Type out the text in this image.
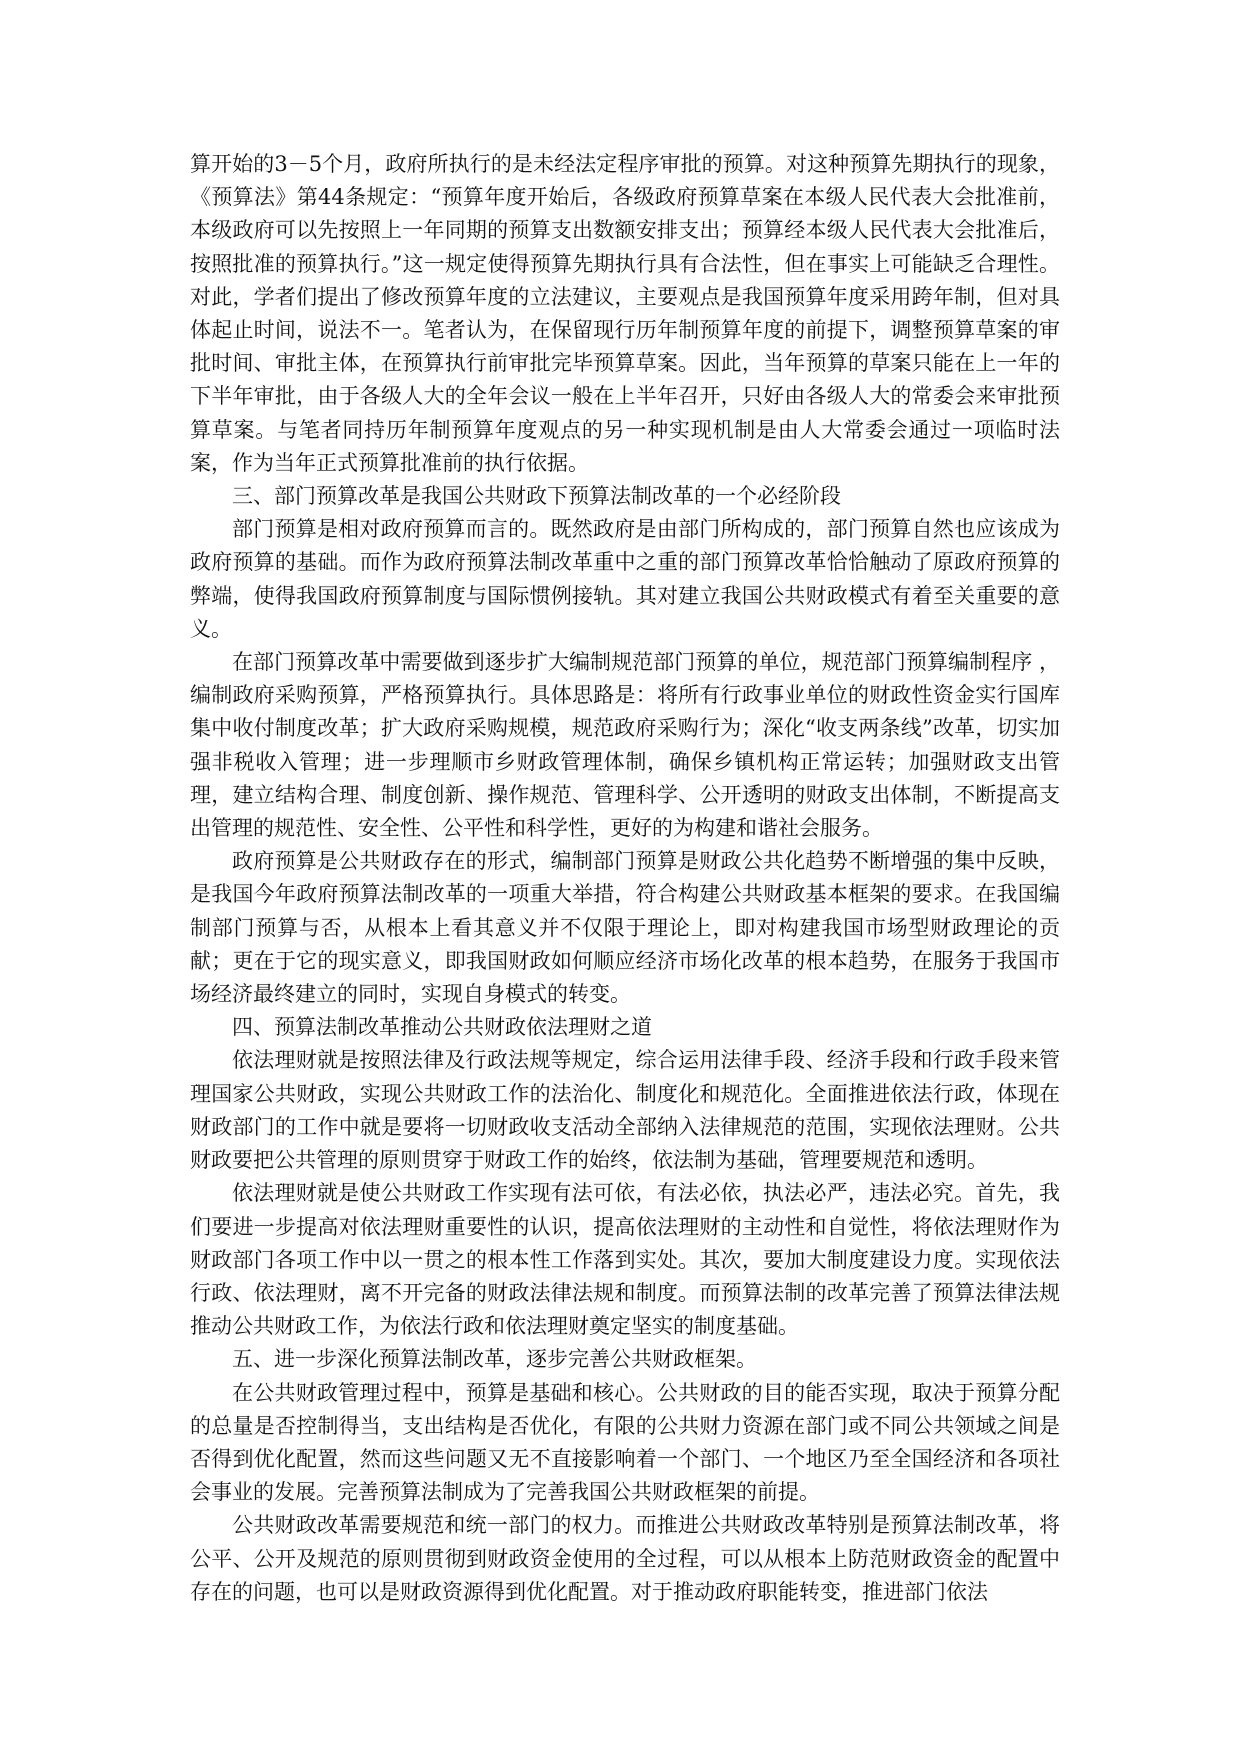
算开始的3－5个月，政府所执行的是未经法定程序审批的预算。对这种预算先期执行的现象，《预算法》第44条规定：“预算年度开始后，各级政府预算草案在本级人民代表大会批准前，本级政府可以先按照上一年同期的预算支出数额安排支出；预算经本级人民代表大会批准后，按照批准的预算执行。”这一规定使得预算先期执行具有合法性，但在事实上可能缺乏合理性。对此，学者们提出了修改预算年度的立法建议，主要观点是我国预算年度采用跨年制，但对具体起止时间，说法不一。笔者认为，在保留现行历年制预算年度的前提下，调整预算草案的审批时间、审批主体，在预算执行前审批完毕预算草案。因此，当年预算的草案只能在上一年的下半年审批，由于各级人大的全年会议一般在上半年召开，只好由各级人大的常委会来审批预算草案。与笔者同持历年制预算年度观点的另一种实现机制是由人大常委会通过一项临时法案，作为当年正式预算批准前的执行依据。

三、部门预算改革是我国公共财政下预算法制改革的一个必经阶段

部门预算是相对政府预算而言的。既然政府是由部门所构成的，部门预算自然也应该成为政府预算的基础。而作为政府预算法制改革重中之重的部门预算改革恰恰触动了原政府预算的弊端，使得我国政府预算制度与国际惯例接轨。其对建立我国公共财政模式有着至关重要的意义。

在部门预算改革中需要做到逐步扩大编制规范部门预算的单位，规范部门预算编制程序 ，编制政府采购预算，严格预算执行。具体思路是：将所有行政事业单位的财政性资金实行国库集中收付制度改革；扩大政府采购规模，规范政府采购行为；深化“收支两条线”改革，切实加强非税收入管理；进一步理顺市乡财政管理体制，确保乡镇机构正常运转；加强财政支出管理，建立结构合理、制度创新、操作规范、管理科学、公开透明的财政支出体制，不断提高支出管理的规范性、安全性、公平性和科学性，更好的为构建和谐社会服务。

政府预算是公共财政存在的形式，编制部门预算是财政公共化趋势不断增强的集中反映，是我国今年政府预算法制改革的一项重大举措，符合构建公共财政基本框架的要求。在我国编制部门预算与否，从根本上看其意义并不仅限于理论上，即对构建我国市场型财政理论的贡献；更在于它的现实意义，即我国财政如何顺应经济市场化改革的根本趋势，在服务于我国市场经济最终建立的同时，实现自身模式的转变。

四、预算法制改革推动公共财政依法理财之道

依法理财就是按照法律及行政法规等规定，综合运用法律手段、经济手段和行政手段来管理国家公共财政，实现公共财政工作的法治化、制度化和规范化。全面推进依法行政，体现在财政部门的工作中就是要将一切财政收支活动全部纳入法律规范的范围，实现依法理财。公共财政要把公共管理的原则贯穿于财政工作的始终，依法制为基础，管理要规范和透明。

依法理财就是使公共财政工作实现有法可依，有法必依，执法必严，违法必究。首先，我们要进一步提高对依法理财重要性的认识，提高依法理财的主动性和自觉性，将依法理财作为财政部门各项工作中以一贯之的根本性工作落到实处。其次，要加大制度建设力度。实现依法行政、依法理财，离不开完备的财政法律法规和制度。而预算法制的改革完善了预算法律法规推动公共财政工作，为依法行政和依法理财奠定坚实的制度基础。

五、进一步深化预算法制改革，逐步完善公共财政框架。

在公共财政管理过程中，预算是基础和核心。公共财政的目的能否实现，取决于预算分配的总量是否控制得当，支出结构是否优化，有限的公共财力资源在部门或不同公共领域之间是否得到优化配置，然而这些问题又无不直接影响着一个部门、一个地区乃至全国经济和各项社会事业的发展。完善预算法制成为了完善我国公共财政框架的前提。

公共财政改革需要规范和统一部门的权力。而推进公共财政改革特别是预算法制改革，将公平、公开及规范的原则贯彻到财政资金使用的全过程，可以从根本上防范财政资金的配置中存在的问题，也可以是财政资源得到优化配置。对于推动政府职能转变，推进部门依法
